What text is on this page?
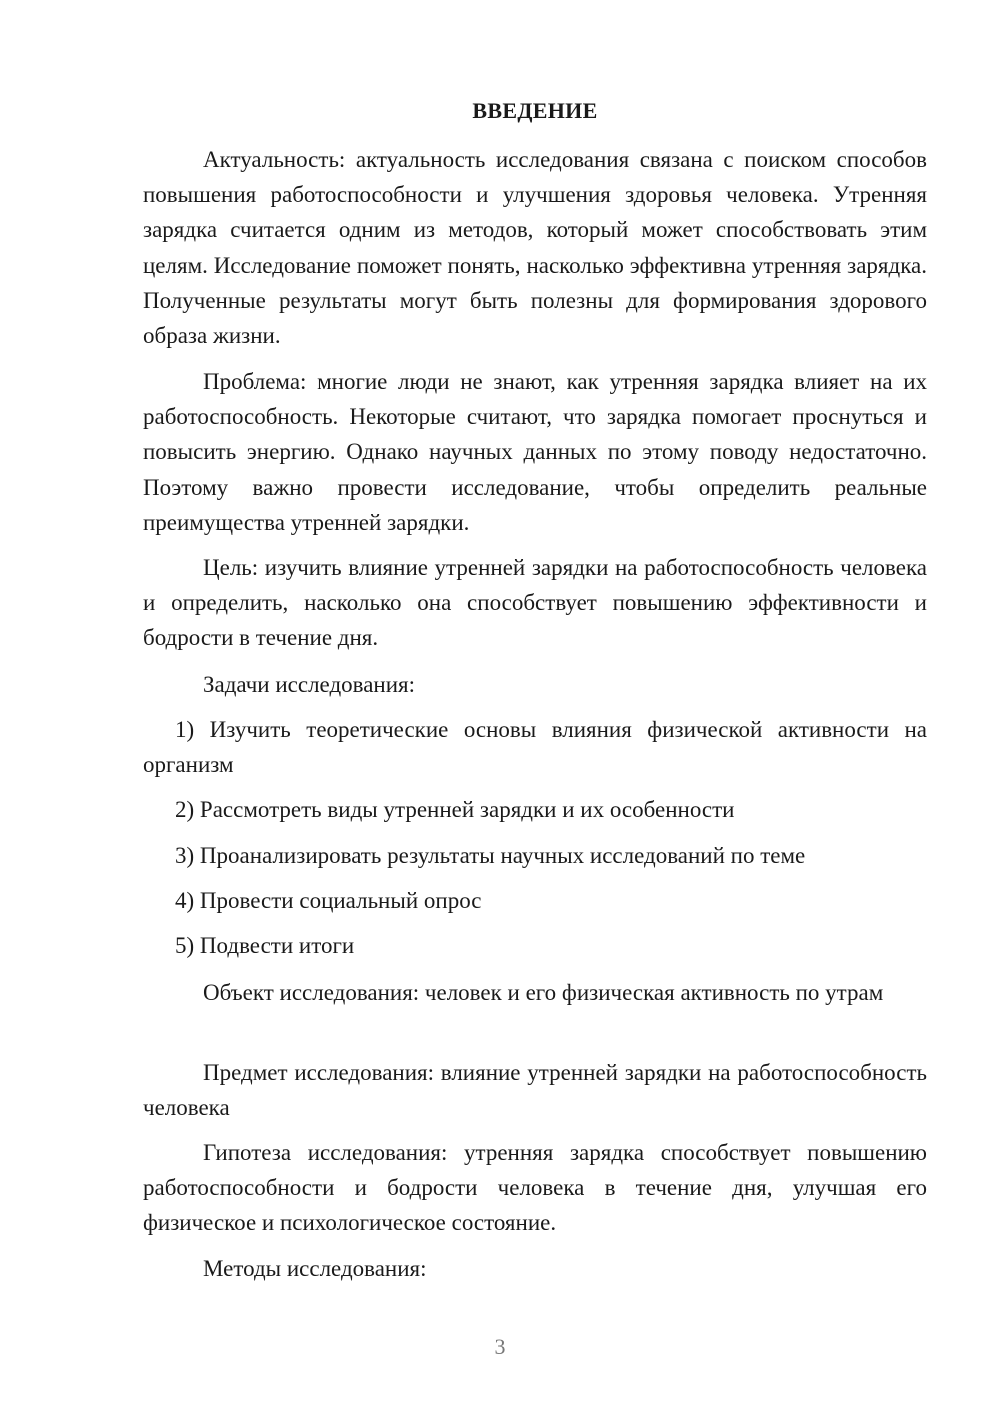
ВВЕДЕНИЕ

Актуальность: актуальность исследования связана с поиском способов повышения работоспособности и улучшения здоровья человека. Утренняя зарядка считается одним из методов, который может способствовать этим целям. Исследование поможет понять, насколько эффективна утренняя зарядка. Полученные результаты могут быть полезны для формирования здорового образа жизни.

Проблема: многие люди не знают, как утренняя зарядка влияет на их работоспособность. Некоторые считают, что зарядка помогает проснуться и повысить энергию. Однако научных данных по этому поводу недостаточно. Поэтому важно провести исследование, чтобы определить реальные преимущества утренней зарядки.

Цель: изучить влияние утренней зарядки на работоспособность человека и определить, насколько она способствует повышению эффективности и бодрости в течение дня.

Задачи исследования:

1) Изучить теоретические основы влияния физической активности на организм

2) Рассмотреть виды утренней зарядки и их особенности

3) Проанализировать результаты научных исследований по теме

4) Провести социальный опрос

5) Подвести итоги

Объект исследования: человек и его физическая активность по утрам

Предмет исследования: влияние утренней зарядки на работоспособность человека

Гипотеза исследования: утренняя зарядка способствует повышению работоспособности и бодрости человека в течение дня, улучшая его физическое и психологическое состояние.

Методы исследования:

3
